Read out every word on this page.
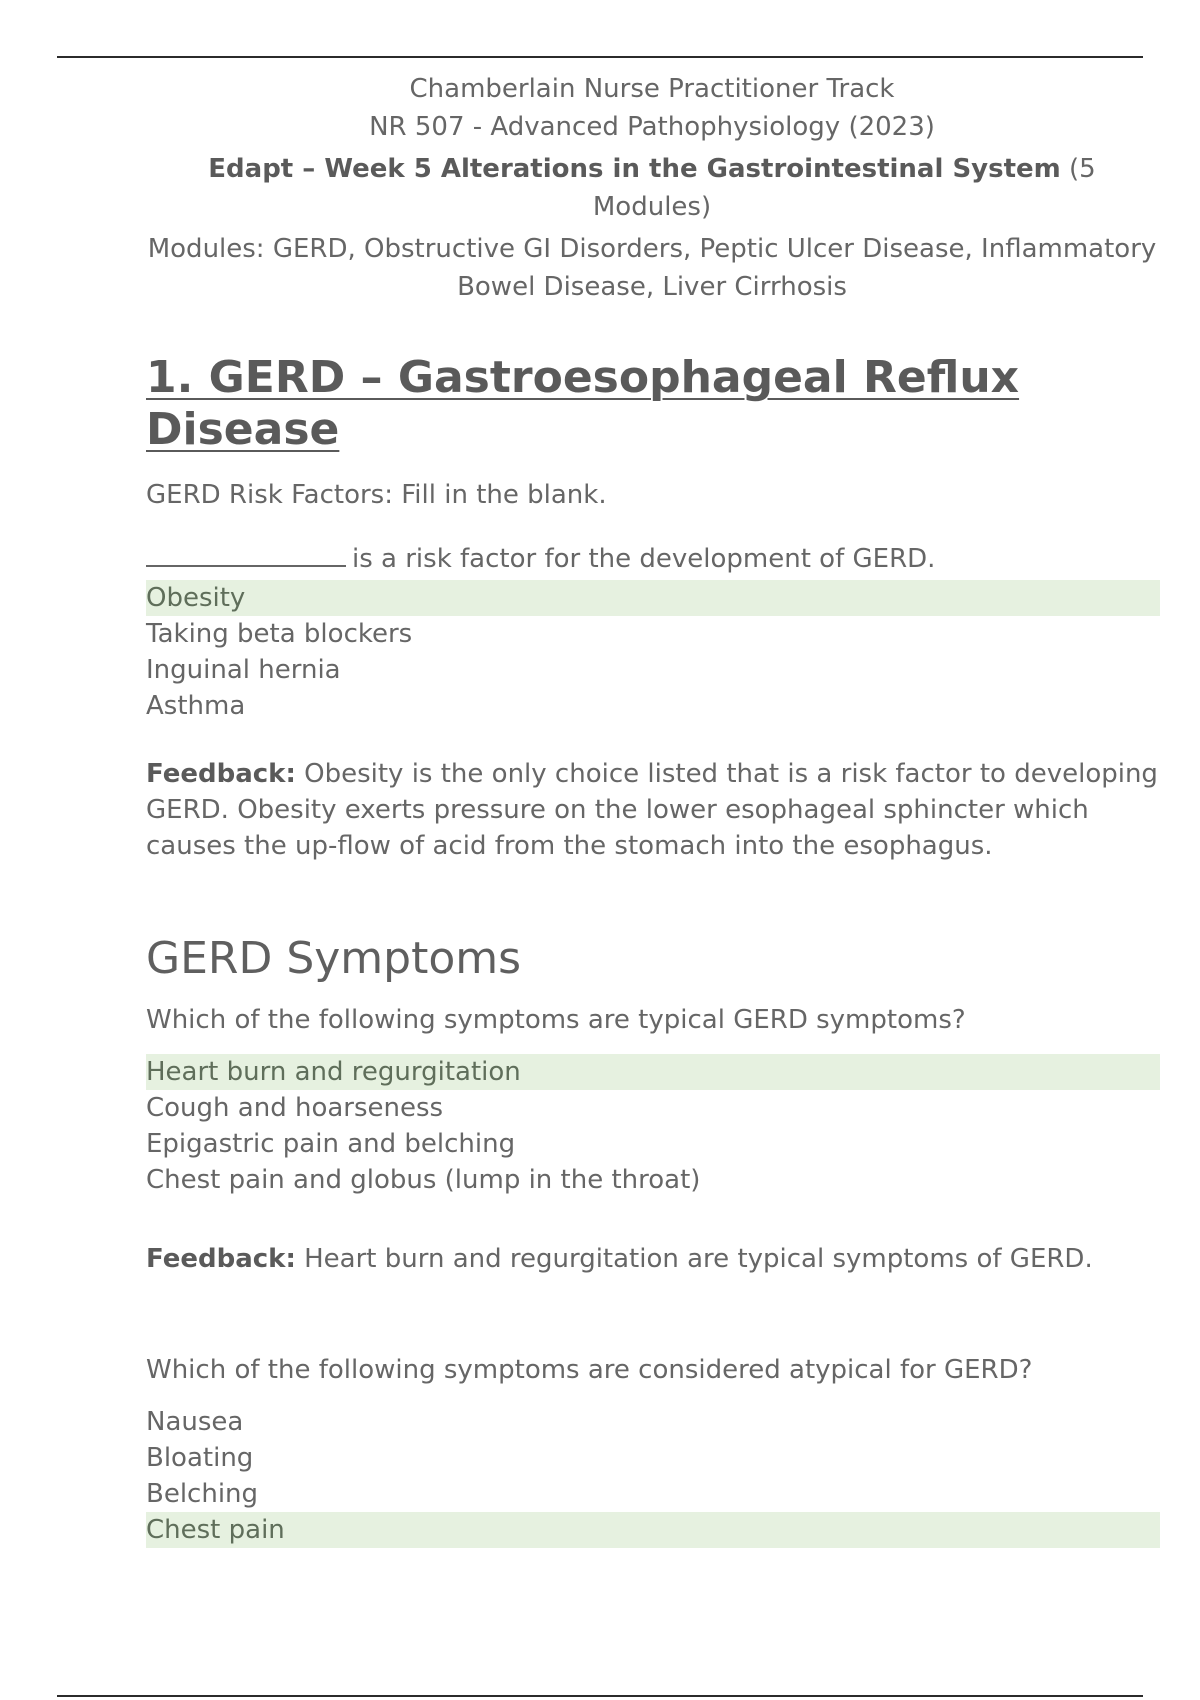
Chamberlain Nurse Practitioner Track
NR 507 - Advanced Pathophysiology (2023)
Edapt – Week 5 Alterations in the Gastrointestinal System (5 Modules)
Modules: GERD, Obstructive GI Disorders, Peptic Ulcer Disease, Inflammatory
Bowel Disease, Liver Cirrhosis
1. GERD – Gastroesophageal Reflux Disease

GERD Risk Factors: Fill in the blank.

is a risk factor for the development of GERD.

Obesity
Taking beta blockers
Inguinal hernia
Asthma

Feedback: Obesity is the only choice listed that is a risk factor to developing GERD. Obesity exerts pressure on the lower esophageal sphincter which causes the up-flow of acid from the stomach into the esophagus.

GERD Symptoms

Which of the following symptoms are typical GERD symptoms?

Heart burn and regurgitation
Cough and hoarseness
Epigastric pain and belching
Chest pain and globus (lump in the throat)

Feedback: Heart burn and regurgitation are typical symptoms of GERD.

Which of the following symptoms are considered atypical for GERD?

Nausea
Bloating
Belching
Chest pain
